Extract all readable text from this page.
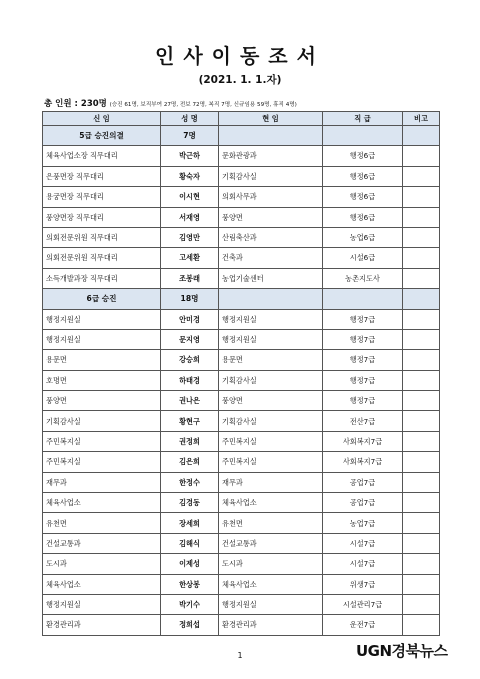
인사이동조서
(2021. 1. 1.자)
총 인원 : 230명 (승진 61명, 보직부여 27명, 전보 72명, 복직 7명, 신규임용 59명, 휴직 4명)
신 임	성 명	현 임	직 급	비고
5급 승진의결	7명			
체육사업소장 직무대리	박근하	문화관광과	행정6급	
은풍면장 직무대리	황숙자	기획감사실	행정6급	
용궁면장 직무대리	이시현	의회사무과	행정6급	
풍양면장 직무대리	서재영	풍양면	행정6급	
의회전문위원 직무대리	김영만	산림축산과	농업6급	
의회전문위원 직무대리	고세환	건축과	시설6급	
소득개발과장 직무대리	조봉래	농업기술센터	농촌지도사	
6급 승진	18명			
행정지원실	안미경	행정지원실	행정7급	
행정지원실	문지영	행정지원실	행정7급	
용문면	강승희	용문면	행정7급	
호명면	하태경	기획감사실	행정7급	
풍양면	권나은	풍양면	행정7급	
기획감사실	황현구	기획감사실	전산7급	
주민복지실	권정희	주민복지실	사회복지7급	
주민복지실	김은희	주민복지실	사회복지7급	
재무과	한정수	재무과	공업7급	
체육사업소	김경동	체육사업소	공업7급	
유천면	장세희	유천면	농업7급	
건설교통과	김해식	건설교통과	시설7급	
도시과	이제성	도시과	시설7급	
체육사업소	한상봉	체육사업소	위생7급	
행정지원실	박기수	행정지원실	시설관리7급	
환경관리과	정희섭	환경관리과	운전7급	
1	UGN경북뉴스
